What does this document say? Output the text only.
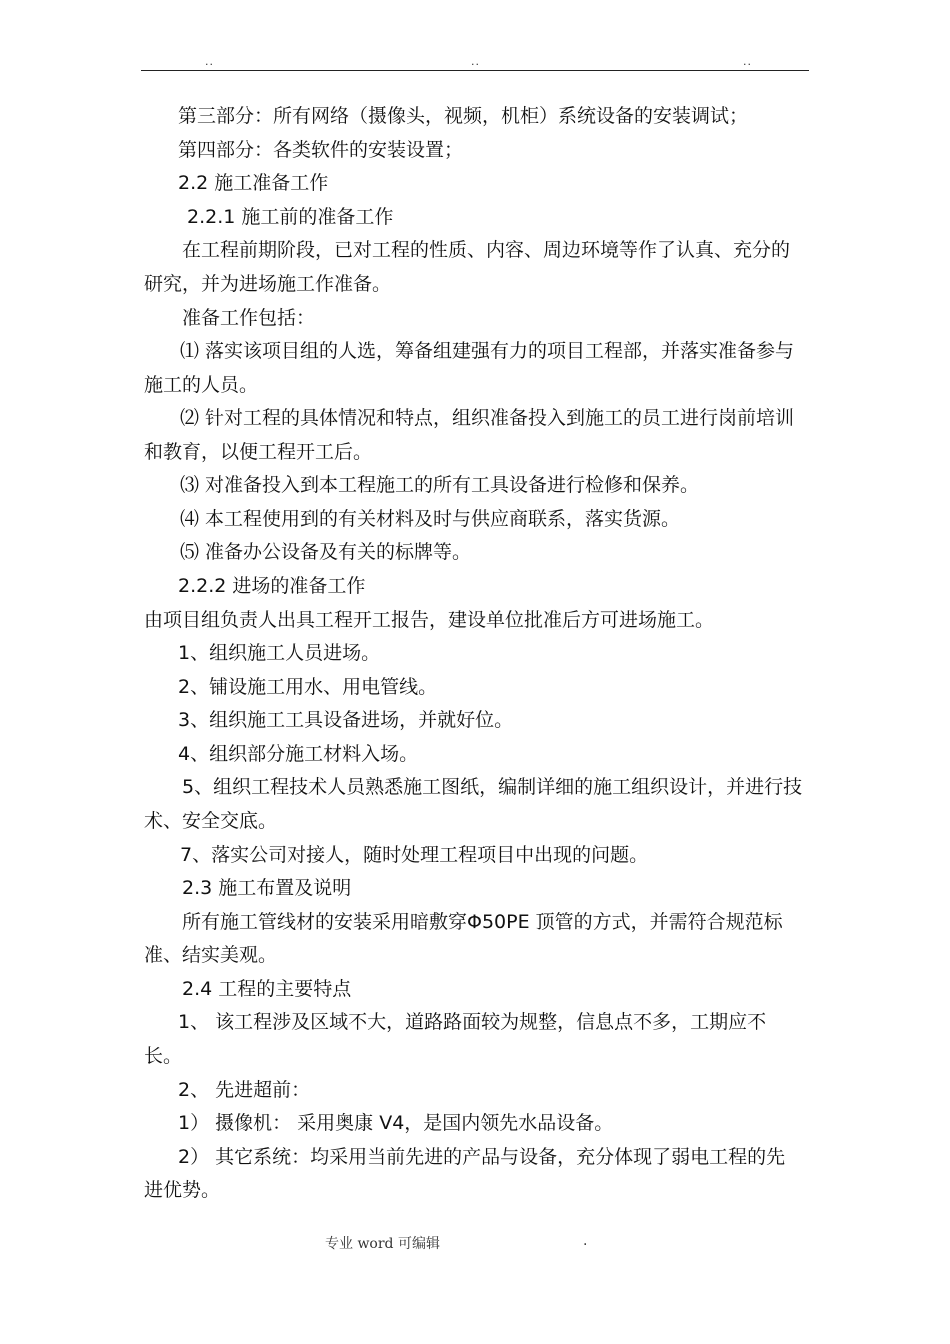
..	..	..
第三部分：所有网络（摄像头，视频，机柜）系统设备的安装调试；
第四部分：各类软件的安装设置；
2.2 施工准备工作
2.2.1 施工前的准备工作
在工程前期阶段，已对工程的性质、内容、周边环境等作了认真、充分的
研究，并为进场施工作准备。
准备工作包括：
⑴ 落实该项目组的人选，筹备组建强有力的项目工程部，并落实准备参与
施工的人员。
⑵ 针对工程的具体情况和特点，组织准备投入到施工的员工进行岗前培训
和教育，以便工程开工后。
⑶ 对准备投入到本工程施工的所有工具设备进行检修和保养。
⑷ 本工程使用到的有关材料及时与供应商联系，落实货源。
⑸ 准备办公设备及有关的标牌等。
2.2.2 进场的准备工作
由项目组负责人出具工程开工报告，建设单位批准后方可进场施工。
1、组织施工人员进场。
2、铺设施工用水、用电管线。
3、组织施工工具设备进场，并就好位。
4、组织部分施工材料入场。
5、组织工程技术人员熟悉施工图纸，编制详细的施工组织设计，并进行技
术、安全交底。
7、落实公司对接人，随时处理工程项目中出现的问题。
2.3 施工布置及说明
所有施工管线材的安装采用暗敷穿Φ50PE 顶管的方式，并需符合规范标
准、结实美观。
2.4 工程的主要特点
1、 该工程涉及区域不大，道路路面较为规整，信息点不多，工期应不
长。
2、 先进超前：
1） 摄像机： 采用奥康 V4，是国内领先水品设备。
2） 其它系统：均采用当前先进的产品与设备，充分体现了弱电工程的先
进优势。
专业 word 可编辑	.
